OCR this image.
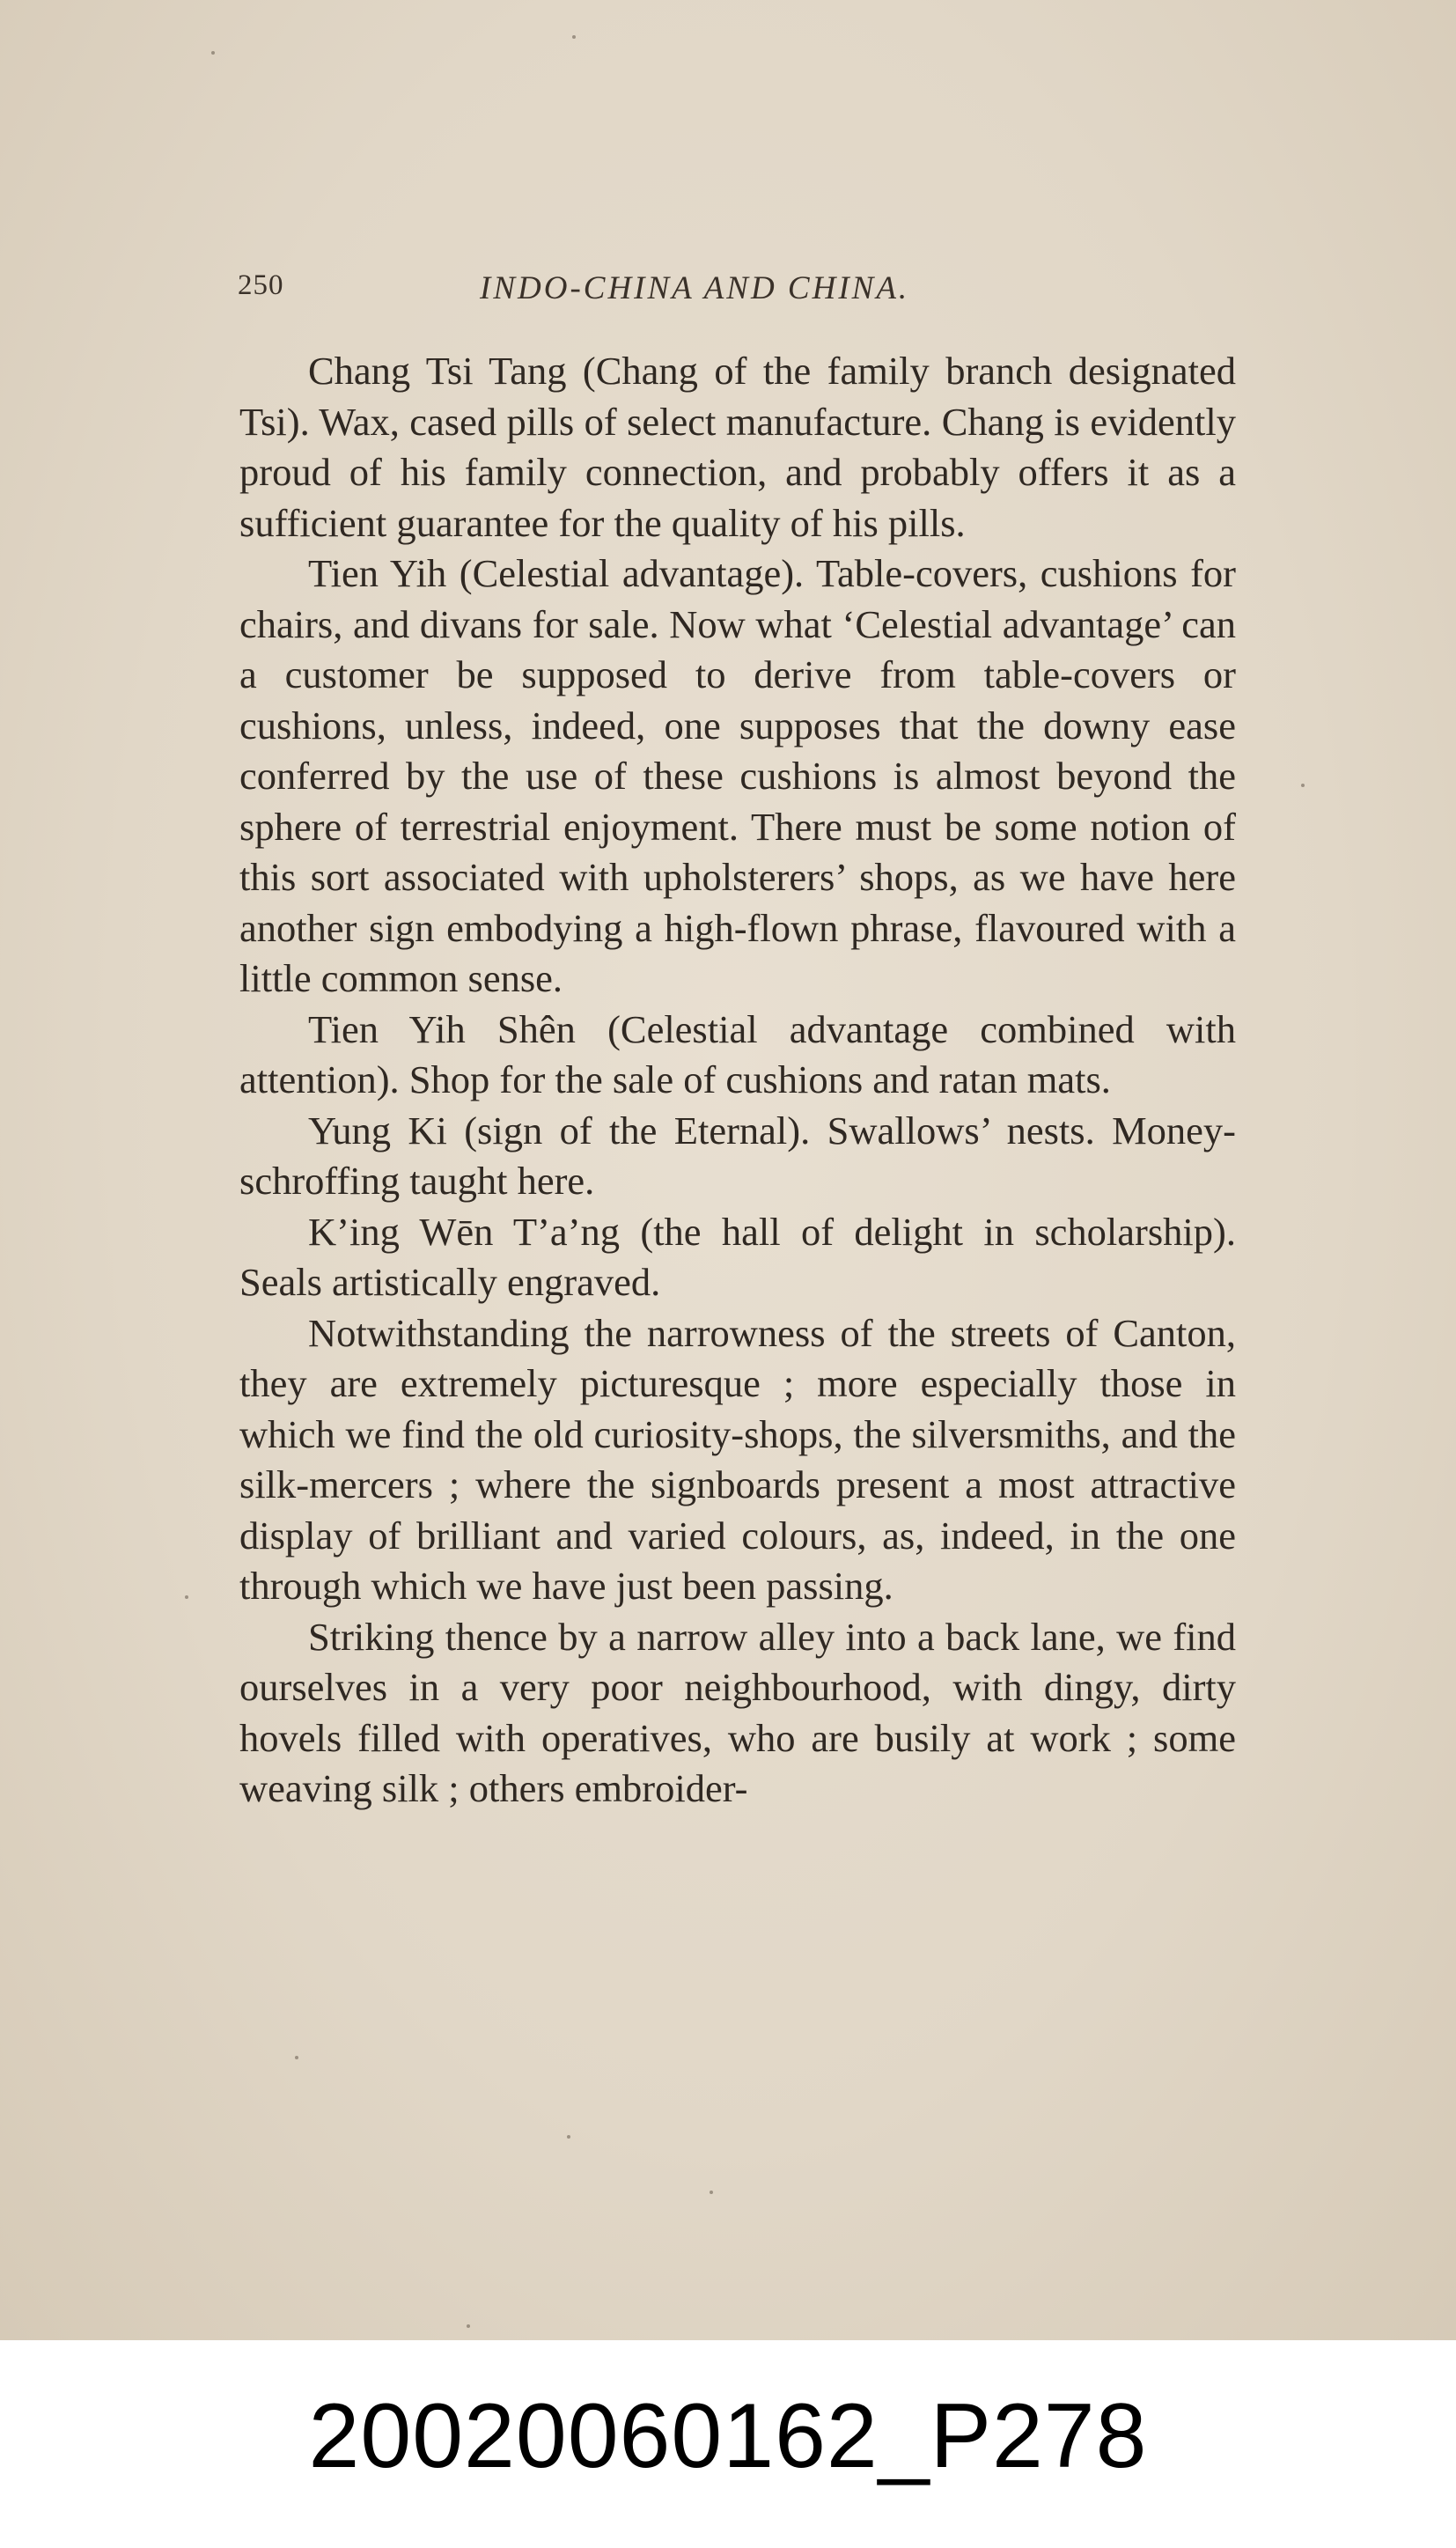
250	INDO-CHINA AND CHINA.

Chang Tsi Tang (Chang of the family branch designated Tsi). Wax, cased pills of select manufacture. Chang is evidently proud of his family connection, and probably offers it as a sufficient guarantee for the quality of his pills.

Tien Yih (Celestial advantage). Table-covers, cushions for chairs, and divans for sale. Now what ‘Celestial advantage’ can a customer be supposed to derive from table-covers or cushions, unless, indeed, one supposes that the downy ease conferred by the use of these cushions is almost beyond the sphere of terrestrial enjoyment. There must be some notion of this sort associated with upholsterers’ shops, as we have here another sign embodying a high-flown phrase, flavoured with a little common sense.

Tien Yih Shên (Celestial advantage combined with attention). Shop for the sale of cushions and ratan mats.

Yung Ki (sign of the Eternal). Swallows’ nests. Money-schroffing taught here.

K’ing Wēn T’a’ng (the hall of delight in scholarship). Seals artistically engraved.

Notwithstanding the narrowness of the streets of Canton, they are extremely picturesque ; more especially those in which we find the old curiosity-shops, the silversmiths, and the silk-mercers ; where the signboards present a most attractive display of brilliant and varied colours, as, indeed, in the one through which we have just been passing.

Striking thence by a narrow alley into a back lane, we find ourselves in a very poor neighbourhood, with dingy, dirty hovels filled with operatives, who are busily at work ; some weaving silk ; others embroider-

20020060162_P278
